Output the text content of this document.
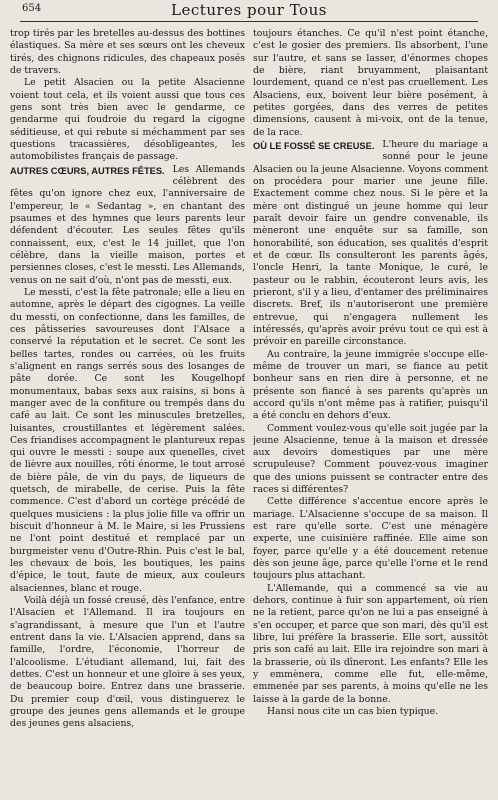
654	Lectures pour Tous

trop tirés par les bretelles au-dessus des bottines élastiques. Sa mère et ses sœurs ont les cheveux tirés, des chignons ridicules, des chapeaux posés de travers.

Le petit Alsacien ou la petite Alsacienne voient tout cela, et ils voient aussi que tous ces gens sont très bien avec le gendarme, ce gendarme qui foudroie du regard la cigogne séditieuse, et qui rebute si méchamment par ses questions tracassières, désobligeantes, les automobilistes français de passage.

AUTRES CŒURS, AUTRES FÊTES. Les Allemands célèbrent des fêtes qu'on ignore chez eux, l'anniversaire de l'empereur, le « Sedantag », en chantant des psaumes et des hymnes que leurs parents leur défendent d'écouter. Les seules fêtes qu'ils connaissent, eux, c'est le 14 juillet, que l'on célèbre, dans la vieille maison, portes et persiennes closes, c'est le messti. Les Allemands, venus on ne sait d'où, n'ont pas de messti, eux.

Le messti, c'est la fête patronale; elle a lieu en automne, après le départ des cigognes. La veille du messti, on confectionne, dans les familles, de ces pâtisseries savoureuses dont l'Alsace a conservé la réputation et le secret. Ce sont les belles tartes, rondes ou carrées, où les fruits s'alignent en rangs serrés sous des losanges de pâte dorée. Ce sont les Kougelhopf monumentaux, babas sexs aux raisins, si bons à manger avec de la confiture ou trempés dans du café au lait. Ce sont les minuscules bretzelles, luisantes, croustillantes et légèrement salées. Ces friandises accompagnent le plantureux repas qui ouvre le messti : soupe aux quenelles, civet de lièvre aux nouilles, rôti énorme, le tout arrosé de bière pâle, de vin du pays, de liqueurs de quetsch, de mirabelle, de cerise. Puis la fête commence. C'est d'abord un cortège précédé de quelques musiciens : la plus jolie fille va offrir un biscuit d'honneur à M. le Maire, si les Prussiens ne l'ont point destitué et remplacé par un burgmeister venu d'Outre-Rhin. Puis c'est le bal, les chevaux de bois, les boutiques, les pains d'épice, le tout, faute de mieux, aux couleurs alsaciennes, blanc et rouge.

Voilà déjà un fossé creusé, dès l'enfance, entre l'Alsacien et l'Allemand. Il ira toujours en s'agrandissant, à mesure que l'un et l'autre entrent dans la vie. L'Alsacien apprend, dans sa famille, l'ordre, l'économie, l'horreur de l'alcoolisme. L'étudiant allemand, lui, fait des dettes. C'est un honneur et une gloire à ses yeux, de beaucoup boire. Entrez dans une brasserie. Du premier coup d'œil, vous distinguerez le groupe des jeunes gens allemands et le groupe des jeunes gens alsaciens,

toujours étanches. Ce qu'il n'est point étanche, c'est le gosier des premiers. Ils absorbent, l'une sur l'autre, et sans se lasser, d'énormes chopes de bière, riant bruyamment, plaisantant lourdement, quand ce n'est pas cruellement. Les Alsaciens, eux, boivent leur bière posément, à petites gorgées, dans des verres de petites dimensions, causent à mi-voix, ont de la tenue, de la race.

OÙ LE FOSSÉ SE CREUSE. L'heure du mariage a sonné pour le jeune Alsacien ou la jeune Alsacienne. Voyons comment on procédera pour marier une jeune fille. Exactement comme chez nous. Si le père et la mère ont distingué un jeune homme qui leur paraît devoir faire un gendre convenable, ils mèneront une enquête sur sa famille, son honorabilité, son éducation, ses qualités d'esprit et de cœur. Ils consulteront les parents âgés, l'oncle Henri, la tante Monique, le curé, le pasteur ou le rabbin, écouteront leurs avis, les prieront, s'il y a lieu, d'entamer des préliminaires discrets. Bref, ils n'autoriseront une première entrevue, qui n'engagera nullement les intéressés, qu'après avoir prévu tout ce qui est à prévoir en pareille circonstance.

Au contraire, la jeune immigrée s'occupe elle-même de trouver un mari, se fiance au petit bonheur sans en rien dire à personne, et ne présente son fiancé à ses parents qu'après un accord qu'ils n'ont même pas à ratifier, puisqu'il a été conclu en dehors d'eux.

Comment voulez-vous qu'elle soit jugée par la jeune Alsacienne, tenue à la maison et dressée aux devoirs domestiques par une mère scrupuleuse? Comment pouvez-vous imaginer que des unions puissent se contracter entre des races si différentes?

Cette différence s'accentue encore après le mariage. L'Alsacienne s'occupe de sa maison. Il est rare qu'elle sorte. C'est une ménagère experte, une cuisinière raffinée. Elle aime son foyer, parce qu'elle y a été doucement retenue dès son jeune âge, parce qu'elle l'orne et le rend toujours plus attachant.

L'Allemande, qui a commencé sa vie au dehors, continue à fuir son appartement, où rien ne la retient, parce qu'on ne lui a pas enseigné à s'en occuper, et parce que son mari, dès qu'il est libre, lui préfère la brasserie. Elle sort, aussitôt pris son café au lait. Elle ira rejoindre son mari à la brasserie, où ils dîneront. Les enfants? Elle les y emmènera, comme elle fut, elle-même, emmenée par ses parents, à moins qu'elle ne les laisse à la garde de la bonne.

Hansi nous cite un cas bien typique.
